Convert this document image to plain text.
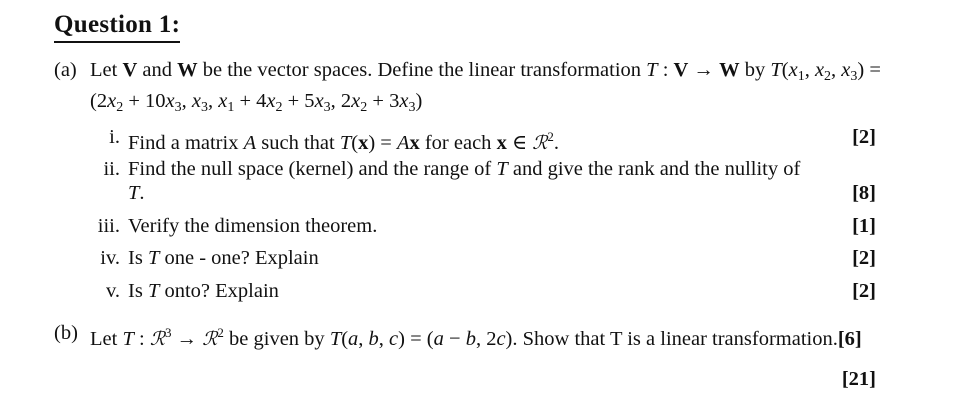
Question 1:
(a) Let V and W be the vector spaces. Define the linear transformation T : V → W by $T(x_1$, $x_2$, $x_3$) =
($2x_2 + 10x_3$, $x_3$, $x_1 + 4x_2 + 5x_3$, $2x_2 + 3x_3$)
i. Find a matrix A such that T(x) = Ax for each x ∈ ℛ$^2$.	[2]
ii. Find the null space (kernel) and the range of T and give the rank and the nullity of
T.	[8]
iii. Verify the dimension theorem.	[1]
iv. Is T one - one? Explain	[2]
v. Is T onto? Explain	[2]
(b) Let T : ℛ$^3$ → ℛ$^2$ be given by T(a, b, c) = (a − b, 2c). Show that T is a linear transformation.[6]
[21]
